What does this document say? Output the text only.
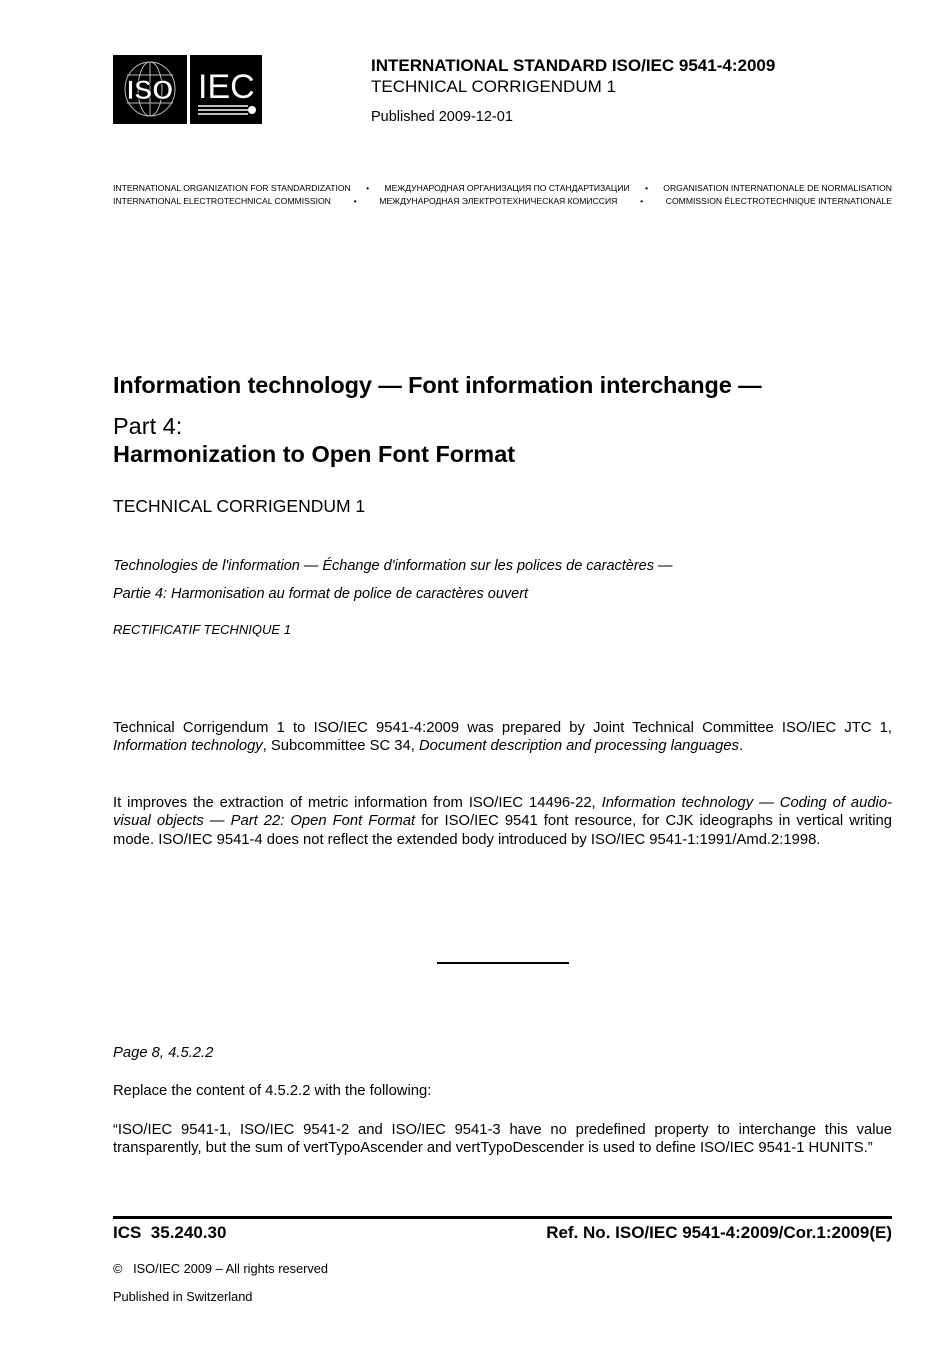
ISO IEC
INTERNATIONAL STANDARD ISO/IEC 9541-4:2009
TECHNICAL CORRIGENDUM 1
Published 2009-12-01
INTERNATIONAL ORGANIZATION FOR STANDARDIZATION	•	МЕЖДУНАРОДНАЯ ОРГАНИЗАЦИЯ ПО СТАНДАРТИЗАЦИИ	•	ORGANISATION INTERNATIONALE DE NORMALISATION
INTERNATIONAL ELECTROTECHNICAL COMMISSION	•	МЕЖДУНАРОДНАЯ ЭЛЕКТРОТЕХНИЧЕСКАЯ КОМИССИЯ	•	COMMISSION ÉLECTROTECHNIQUE INTERNATIONALE
Information technology — Font information interchange —
Part 4:
Harmonization to Open Font Format
TECHNICAL CORRIGENDUM 1
Technologies de l'information — Échange d'information sur les polices de caractères —
Partie 4: Harmonisation au format de police de caractères ouvert
RECTIFICATIF TECHNIQUE 1
Technical Corrigendum 1 to ISO/IEC 9541-4:2009 was prepared by Joint Technical Committee ISO/IEC JTC 1, Information technology, Subcommittee SC 34, Document description and processing languages.
It improves the extraction of metric information from ISO/IEC 14496-22, Information technology — Coding of audio-visual objects — Part 22: Open Font Format for ISO/IEC 9541 font resource, for CJK ideographs in vertical writing mode. ISO/IEC 9541-4 does not reflect the extended body introduced by ISO/IEC 9541-1:1991/Amd.2:1998.
Page 8, 4.5.2.2
Replace the content of 4.5.2.2 with the following:
“ISO/IEC 9541-1, ISO/IEC 9541-2 and ISO/IEC 9541-3 have no predefined property to interchange this value transparently, but the sum of vertTypoAscender and vertTypoDescender is used to define ISO/IEC 9541-1 HUNITS.”
ICS  35.240.30	Ref. No. ISO/IEC 9541-4:2009/Cor.1:2009(E)
©   ISO/IEC 2009 – All rights reserved
Published in Switzerland
